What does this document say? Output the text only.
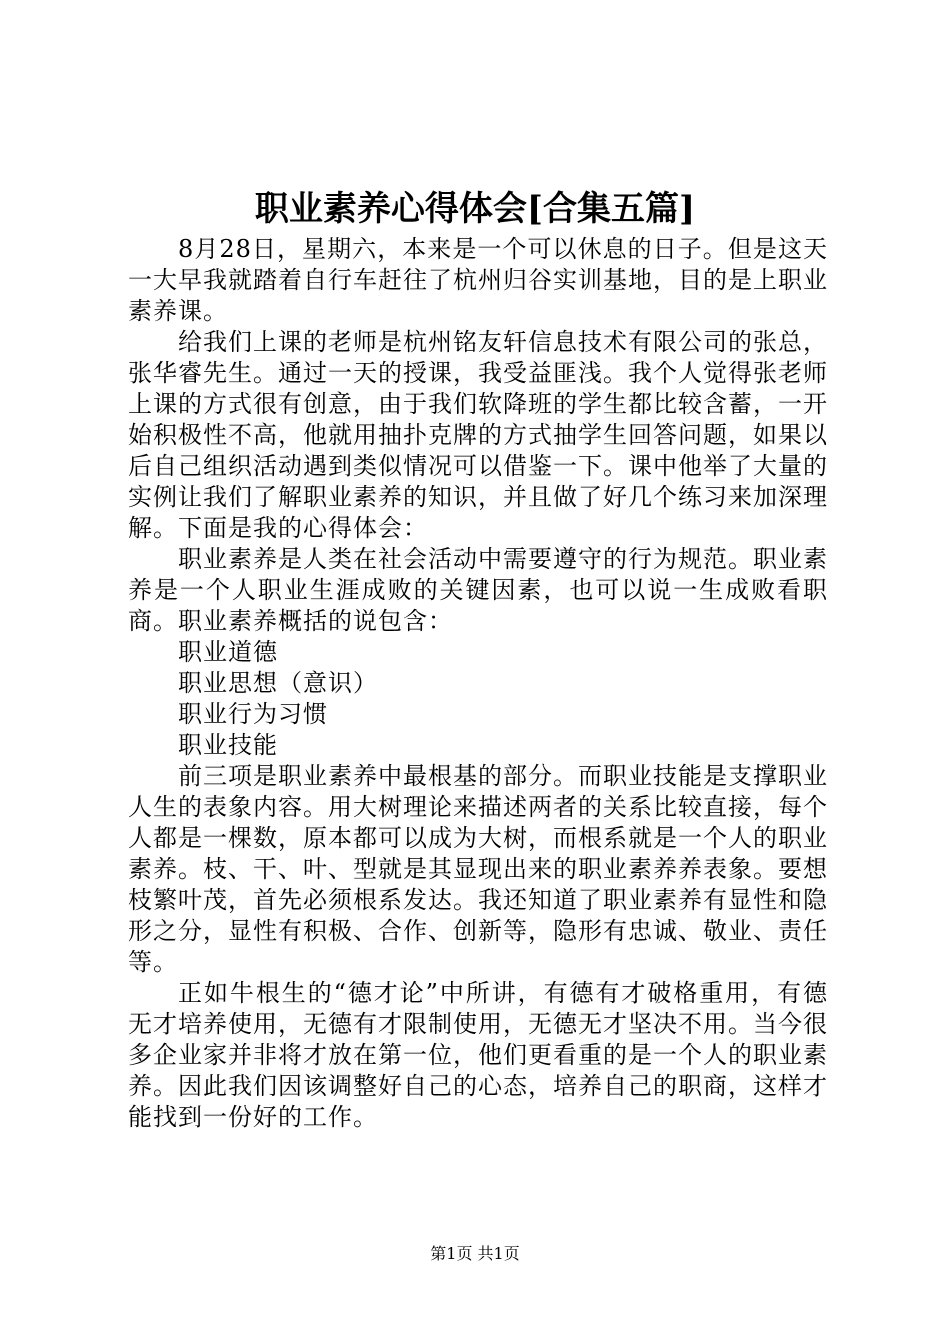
职业素养心得体会[合集五篇]

8月28日，星期六，本来是一个可以休息的日子。但是这天一大早我就踏着自行车赶往了杭州归谷实训基地，目的是上职业素养课。

给我们上课的老师是杭州铭友轩信息技术有限公司的张总，张华睿先生。通过一天的授课，我受益匪浅。我个人觉得张老师上课的方式很有创意，由于我们软降班的学生都比较含蓄，一开始积极性不高，他就用抽扑克牌的方式抽学生回答问题，如果以后自己组织活动遇到类似情况可以借鉴一下。课中他举了大量的实例让我们了解职业素养的知识，并且做了好几个练习来加深理解。下面是我的心得体会：

职业素养是人类在社会活动中需要遵守的行为规范。职业素养是一个人职业生涯成败的关键因素，也可以说一生成败看职商。职业素养概括的说包含：

职业道德

职业思想（意识）

职业行为习惯

职业技能

前三项是职业素养中最根基的部分。而职业技能是支撑职业人生的表象内容。用大树理论来描述两者的关系比较直接，每个人都是一棵数，原本都可以成为大树，而根系就是一个人的职业素养。枝、干、叶、型就是其显现出来的职业素养养表象。要想枝繁叶茂，首先必须根系发达。我还知道了职业素养有显性和隐形之分，显性有积极、合作、创新等，隐形有忠诚、敬业、责任等。

正如牛根生的“德才论”中所讲，有德有才破格重用，有德无才培养使用，无德有才限制使用，无德无才坚决不用。当今很多企业家并非将才放在第一位，他们更看重的是一个人的职业素养。因此我们因该调整好自己的心态，培养自己的职商，这样才能找到一份好的工作。

第1页 共1页
